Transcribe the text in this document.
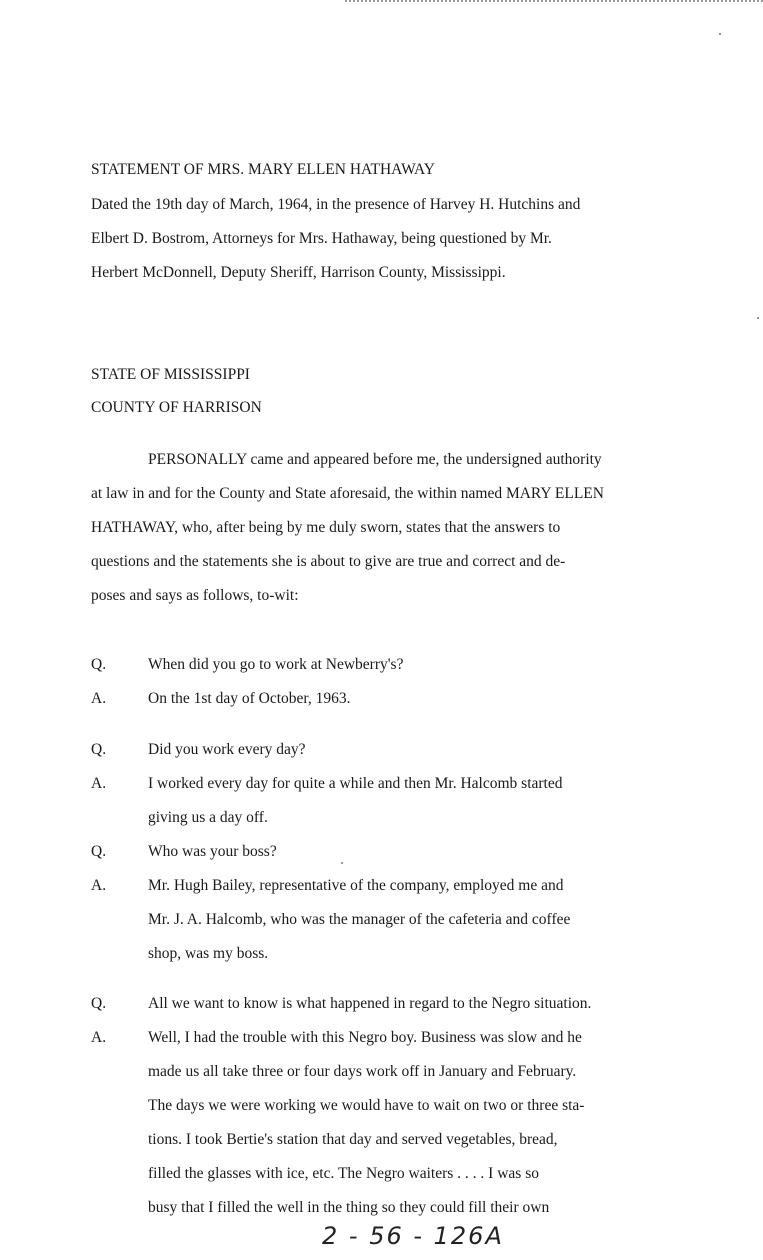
STATEMENT OF MRS. MARY ELLEN HATHAWAY
Dated the 19th day of March, 1964, in the presence of Harvey H. Hutchins and
Elbert D. Bostrom, Attorneys for Mrs. Hathaway, being questioned by Mr.
Herbert McDonnell, Deputy Sheriff, Harrison County, Mississippi.
STATE OF MISSISSIPPI
COUNTY OF HARRISON
PERSONALLY came and appeared before me, the undersigned authority
at law in and for the County and State aforesaid, the within named MARY ELLEN
HATHAWAY, who, after being by me duly sworn, states that the answers to
questions and the statements she is about to give are true and correct and de-
poses and says as follows, to-wit:
Q.	When did you go to work at Newberry's?
A.	On the 1st day of October, 1963.
Q.	Did you work every day?
A.	I worked every day for quite a while and then Mr. Halcomb started
giving us a day off.
Q.	Who was your boss?
A.	Mr. Hugh Bailey, representative of the company, employed me and
Mr. J. A. Halcomb, who was the manager of the cafeteria and coffee
shop, was my boss.
Q.	All we want to know is what happened in regard to the Negro situation.
A.	Well, I had the trouble with this Negro boy. Business was slow and he
made us all take three or four days work off in January and February.
The days we were working we would have to wait on two or three sta-
tions. I took Bertie's station that day and served vegetables, bread,
filled the glasses with ice, etc. The Negro waiters . . . . I was so
busy that I filled the well in the thing so they could fill their own
2 - 56 - 126A
